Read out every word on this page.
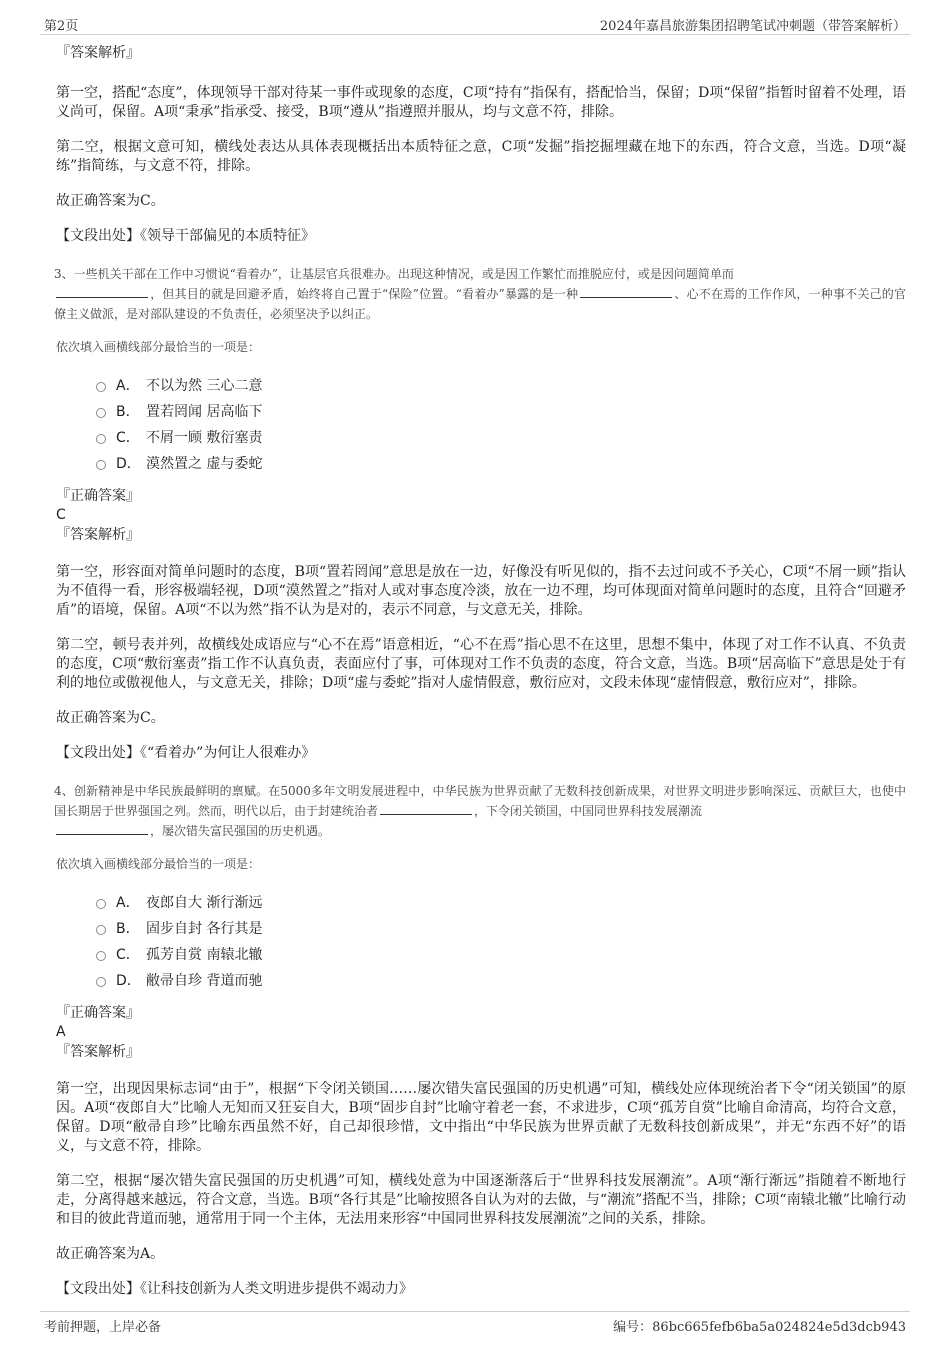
第2页	2024年嘉昌旅游集团招聘笔试冲刺题（带答案解析）

『答案解析』

第一空，搭配“态度”，体现领导干部对待某一事件或现象的态度，C项“持有”指保有，搭配恰当，保留；D项“保留”指暂时留着不处理，语义尚可，保留。A项“秉承”指承受、接受，B项“遵从”指遵照并服从，均与文意不符，排除。

第二空，根据文意可知，横线处表达从具体表现概括出本质特征之意，C项“发掘”指挖掘埋藏在地下的东西，符合文意，当选。D项“凝练”指简练，与文意不符，排除。

故正确答案为C。

【文段出处】《领导干部偏见的本质特征》

3、一些机关干部在工作中习惯说“看着办”，让基层官兵很难办。出现这种情况，或是因工作繁忙而推脱应付，或是因问题简单而
，但其目的就是回避矛盾，始终将自己置于“保险”位置。“看着办”暴露的是一种	、心不在焉的工作作风，一种事不关己的官僚主义做派，是对部队建设的不负责任，必须坚决予以纠正。

依次填入画横线部分最恰当的一项是：

A． 不以为然 三心二意
B． 置若罔闻 居高临下
C． 不屑一顾 敷衍塞责
D． 漠然置之 虚与委蛇

『正确答案』

C

『答案解析』

第一空，形容面对简单问题时的态度，B项“置若罔闻”意思是放在一边，好像没有听见似的，指不去过问或不予关心，C项“不屑一顾”指认为不值得一看，形容极端轻视，D项“漠然置之”指对人或对事态度冷淡，放在一边不理，均可体现面对简单问题时的态度，且符合“回避矛盾”的语境，保留。A项“不以为然”指不认为是对的，表示不同意，与文意无关，排除。

第二空，顿号表并列，故横线处成语应与“心不在焉”语意相近，“心不在焉”指心思不在这里，思想不集中，体现了对工作不认真、不负责的态度，C项“敷衍塞责”指工作不认真负责，表面应付了事，可体现对工作不负责的态度，符合文意，当选。B项“居高临下”意思是处于有利的地位或傲视他人，与文意无关，排除；D项“虚与委蛇”指对人虚情假意，敷衍应对，文段未体现“虚情假意，敷衍应对”，排除。

故正确答案为C。

【文段出处】《“看着办”为何让人很难办》

4、创新精神是中华民族最鲜明的禀赋。在5000多年文明发展进程中，中华民族为世界贡献了无数科技创新成果，对世界文明进步影响深远、贡献巨大，也使中国长期居于世界强国之列。然而，明代以后，由于封建统治者	，下令闭关锁国，中国同世界科技发展潮流
，屡次错失富民强国的历史机遇。

依次填入画横线部分最恰当的一项是：

A． 夜郎自大 渐行渐远
B． 固步自封 各行其是
C． 孤芳自赏 南辕北辙
D． 敝帚自珍 背道而驰

『正确答案』

A

『答案解析』

第一空，出现因果标志词“由于”，根据“下令闭关锁国……屡次错失富民强国的历史机遇”可知，横线处应体现统治者下令“闭关锁国”的原因。A项“夜郎自大”比喻人无知而又狂妄自大，B项“固步自封”比喻守着老一套，不求进步，C项“孤芳自赏”比喻自命清高，均符合文意，保留。D项“敝帚自珍”比喻东西虽然不好，自己却很珍惜，文中指出“中华民族为世界贡献了无数科技创新成果”，并无“东西不好”的语义，与文意不符，排除。

第二空，根据“屡次错失富民强国的历史机遇”可知，横线处意为中国逐渐落后于“世界科技发展潮流”。A项“渐行渐远”指随着不断地行走，分离得越来越远，符合文意，当选。B项“各行其是”比喻按照各自认为对的去做，与“潮流”搭配不当，排除；C项“南辕北辙”比喻行动和目的彼此背道而驰，通常用于同一个主体，无法用来形容“中国同世界科技发展潮流”之间的关系，排除。

故正确答案为A。

【文段出处】《让科技创新为人类文明进步提供不竭动力》

考前押题，上岸必备	编号：86bc665fefb6ba5a024824e5d3dcb943
